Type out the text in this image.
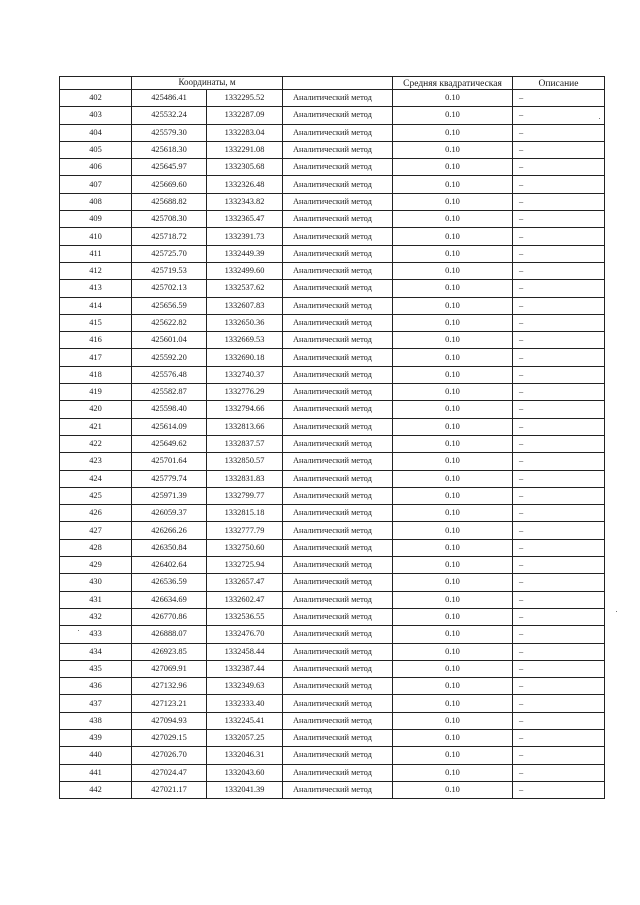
	Координаты, м			Средняя квадратическая	Описание

402	425486.41	1332295.52	Аналитический метод	0.10	–
403	425532.24	1332287.09	Аналитический метод	0.10	–
404	425579.30	1332283.04	Аналитический метод	0.10	–
405	425618.30	1332291.08	Аналитический метод	0.10	–
406	425645.97	1332305.68	Аналитический метод	0.10	–
407	425669.60	1332326.48	Аналитический метод	0.10	–
408	425688.82	1332343.82	Аналитический метод	0.10	–
409	425708.30	1332365.47	Аналитический метод	0.10	–
410	425718.72	1332391.73	Аналитический метод	0.10	–
411	425725.70	1332449.39	Аналитический метод	0.10	–
412	425719.53	1332499.60	Аналитический метод	0.10	–
413	425702.13	1332537.62	Аналитический метод	0.10	–
414	425656.59	1332607.83	Аналитический метод	0.10	–
415	425622.82	1332650.36	Аналитический метод	0.10	–
416	425601.04	1332669.53	Аналитический метод	0.10	–
417	425592.20	1332690.18	Аналитический метод	0.10	–
418	425576.48	1332740.37	Аналитический метод	0.10	–
419	425582.87	1332776.29	Аналитический метод	0.10	–
420	425598.40	1332794.66	Аналитический метод	0.10	–
421	425614.09	1332813.66	Аналитический метод	0.10	–
422	425649.62	1332837.57	Аналитический метод	0.10	–
423	425701.64	1332850.57	Аналитический метод	0.10	–
424	425779.74	1332831.83	Аналитический метод	0.10	–
425	425971.39	1332799.77	Аналитический метод	0.10	–
426	426059.37	1332815.18	Аналитический метод	0.10	–
427	426266.26	1332777.79	Аналитический метод	0.10	–
428	426350.84	1332750.60	Аналитический метод	0.10	–
429	426402.64	1332725.94	Аналитический метод	0.10	–
430	426536.59	1332657.47	Аналитический метод	0.10	–
431	426634.69	1332602.47	Аналитический метод	0.10	–
432	426770.86	1332536.55	Аналитический метод	0.10	–
433	426888.07	1332476.70	Аналитический метод	0.10	–
434	426923.85	1332458.44	Аналитический метод	0.10	–
435	427069.91	1332387.44	Аналитический метод	0.10	–
436	427132.96	1332349.63	Аналитический метод	0.10	–
437	427123.21	1332333.40	Аналитический метод	0.10	–
438	427094.93	1332245.41	Аналитический метод	0.10	–
439	427029.15	1332057.25	Аналитический метод	0.10	–
440	427026.70	1332046.31	Аналитический метод	0.10	–
441	427024.47	1332043.60	Аналитический метод	0.10	–
442	427021.17	1332041.39	Аналитический метод	0.10	–
